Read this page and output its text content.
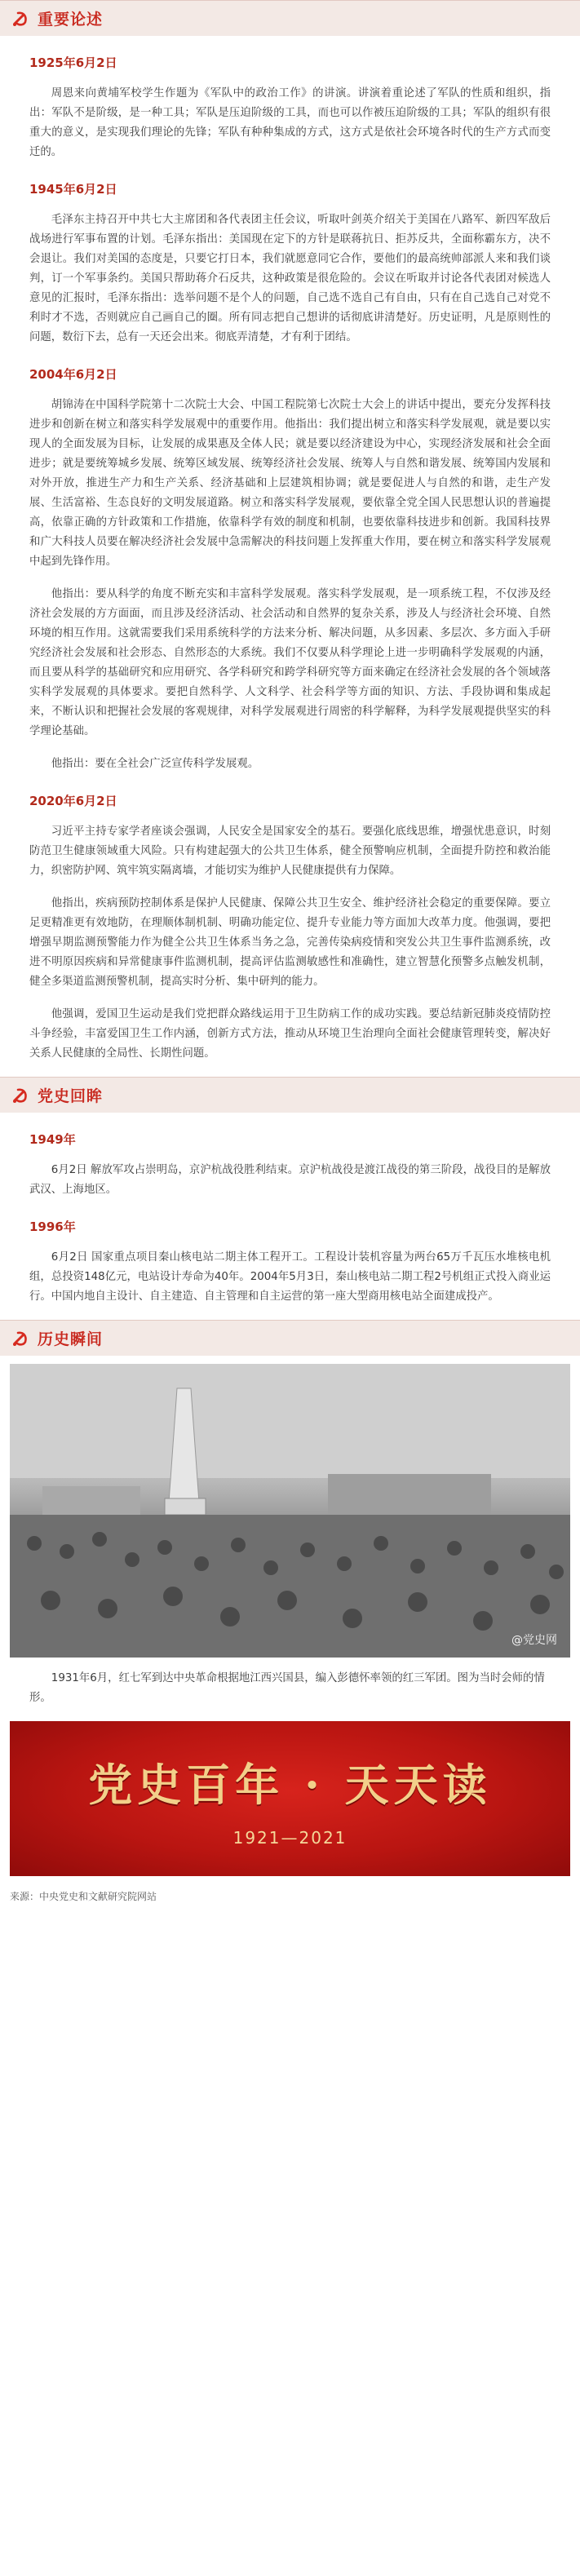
重要论述
1925年6月2日

周恩来向黄埔军校学生作题为《军队中的政治工作》的讲演。讲演着重论述了军队的性质和组织，指出：军队不是阶级，是一种工具；军队是压迫阶级的工具，而也可以作被压迫阶级的工具；军队的组织有很重大的意义，是实现我们理论的先锋；军队有种种集成的方式，这方式是依社会环境各时代的生产方式而变迁的。

1945年6月2日

毛泽东主持召开中共七大主席团和各代表团主任会议，听取叶剑英介绍关于美国在八路军、新四军敌后战场进行军事布置的计划。毛泽东指出：美国现在定下的方针是联蒋抗日、拒苏反共，全面称霸东方，决不会退让。我们对美国的态度是，只要它打日本，我们就愿意同它合作，要他们的最高统帅部派人来和我们谈判，订一个军事条约。美国只帮助蒋介石反共，这种政策是很危险的。会议在听取并讨论各代表团对候选人意见的汇报时，毛泽东指出：选举问题不是个人的问题，自己选不选自己有自由，只有在自己选自己对党不利时才不选，否则就应自己画自己的圈。所有同志把自己想讲的话彻底讲清楚好。历史证明，凡是原则性的问题，数衍下去，总有一天还会出来。彻底弄清楚，才有利于团结。

2004年6月2日

胡锦涛在中国科学院第十二次院士大会、中国工程院第七次院士大会上的讲话中提出，要充分发挥科技进步和创新在树立和落实科学发展观中的重要作用。他指出：我们提出树立和落实科学发展观，就是要以实现人的全面发展为目标，让发展的成果惠及全体人民；就是要以经济建设为中心，实现经济发展和社会全面进步；就是要统筹城乡发展、统筹区域发展、统筹经济社会发展、统筹人与自然和谐发展、统筹国内发展和对外开放，推进生产力和生产关系、经济基础和上层建筑相协调；就是要促进人与自然的和谐，走生产发展、生活富裕、生态良好的文明发展道路。树立和落实科学发展观，要依靠全党全国人民思想认识的普遍提高，依靠正确的方针政策和工作措施，依靠科学有效的制度和机制，也要依靠科技进步和创新。我国科技界和广大科技人员要在解决经济社会发展中急需解决的科技问题上发挥重大作用，要在树立和落实科学发展观中起到先锋作用。

他指出：要从科学的角度不断充实和丰富科学发展观。落实科学发展观，是一项系统工程，不仅涉及经济社会发展的方方面面，而且涉及经济活动、社会活动和自然界的复杂关系，涉及人与经济社会环境、自然环境的相互作用。这就需要我们采用系统科学的方法来分析、解决问题，从多因素、多层次、多方面入手研究经济社会发展和社会形态、自然形态的大系统。我们不仅要从科学理论上进一步明确科学发展观的内涵，而且要从科学的基础研究和应用研究、各学科研究和跨学科研究等方面来确定在经济社会发展的各个领域落实科学发展观的具体要求。要把自然科学、人文科学、社会科学等方面的知识、方法、手段协调和集成起来，不断认识和把握社会发展的客观规律，对科学发展观进行周密的科学解释，为科学发展观提供坚实的科学理论基础。

他指出：要在全社会广泛宣传科学发展观。

2020年6月2日

习近平主持专家学者座谈会强调，人民安全是国家安全的基石。要强化底线思维，增强忧患意识，时刻防范卫生健康领域重大风险。只有构建起强大的公共卫生体系，健全预警响应机制，全面提升防控和救治能力，织密防护网、筑牢筑实隔离墙，才能切实为维护人民健康提供有力保障。

他指出，疾病预防控制体系是保护人民健康、保障公共卫生安全、维护经济社会稳定的重要保障。要立足更精准更有效地防，在理顺体制机制、明确功能定位、提升专业能力等方面加大改革力度。他强调，要把增强早期监测预警能力作为健全公共卫生体系当务之急，完善传染病疫情和突发公共卫生事件监测系统，改进不明原因疾病和异常健康事件监测机制，提高评估监测敏感性和准确性，建立智慧化预警多点触发机制，健全多渠道监测预警机制，提高实时分析、集中研判的能力。

他强调，爱国卫生运动是我们党把群众路线运用于卫生防病工作的成功实践。要总结新冠肺炎疫情防控斗争经验，丰富爱国卫生工作内涵，创新方式方法，推动从环境卫生治理向全面社会健康管理转变，解决好关系人民健康的全局性、长期性问题。

党史回眸
1949年

6月2日 解放军攻占崇明岛，京沪杭战役胜利结束。京沪杭战役是渡江战役的第三阶段，战役目的是解放武汉、上海地区。

1996年

6月2日 国家重点项目秦山核电站二期主体工程开工。工程设计装机容量为两台65万千瓦压水堆核电机组，总投资148亿元，电站设计寿命为40年。2004年5月3日，秦山核电站二期工程2号机组正式投入商业运行。中国内地自主设计、自主建造、自主管理和自主运营的第一座大型商用核电站全面建成投产。

历史瞬间
@党史网

1931年6月，红七军到达中央革命根据地江西兴国县，编入彭德怀率领的红三军团。图为当时会师的情形。

党史百年 · 天天读
1921—2021
来源：中央党史和文献研究院网站
